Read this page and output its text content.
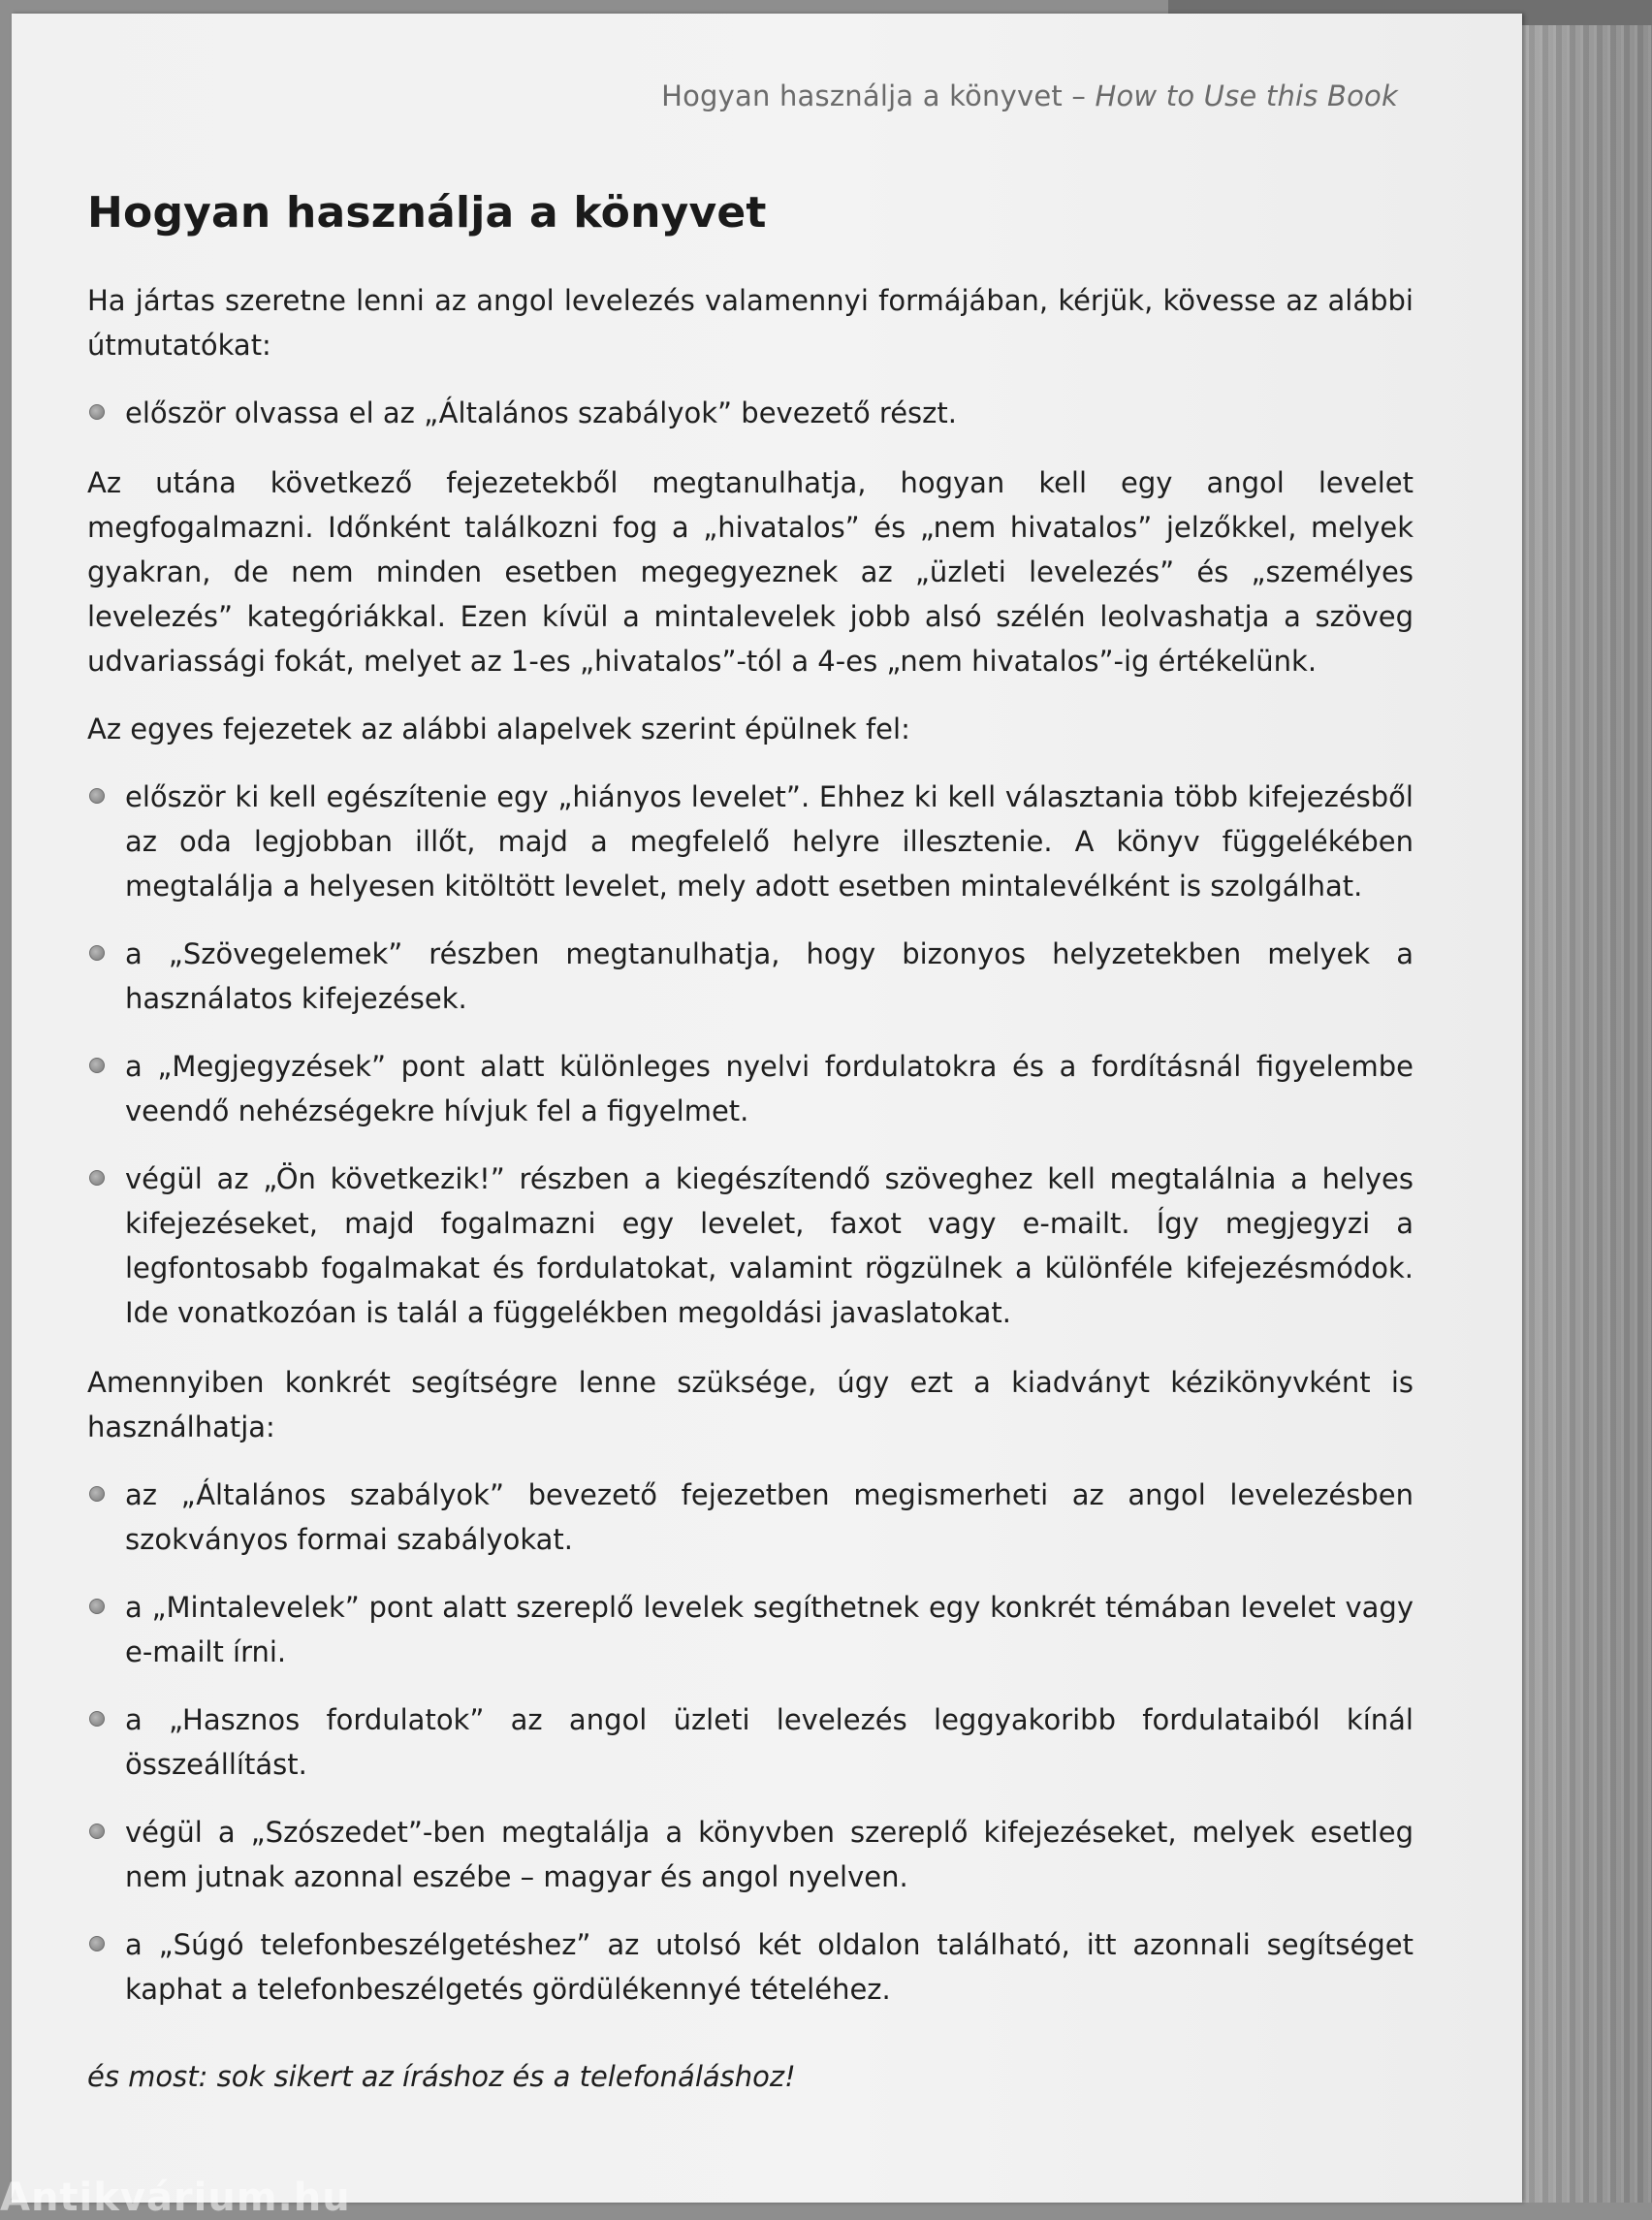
Hogyan használja a könyvet – How to Use this Book
Hogyan használja a könyvet

Ha jártas szeretne lenni az angol levelezés valamennyi formájában, kérjük, kövesse az alábbi útmutatókat:

először olvassa el az „Általános szabályok” bevezető részt.

Az utána következő fejezetekből megtanulhatja, hogyan kell egy angol levelet megfogalmazni. Időnként találkozni fog a „hivatalos” és „nem hivatalos” jelzőkkel, melyek gyakran, de nem minden esetben megegyeznek az „üzleti levelezés” és „személyes levelezés” kategóriákkal. Ezen kívül a mintalevelek jobb alsó szélén leolvashatja a szöveg udvariassági fokát, melyet az 1-es „hivatalos”-tól a 4-es „nem hivatalos”-ig értékelünk.

Az egyes fejezetek az alábbi alapelvek szerint épülnek fel:

először ki kell egészítenie egy „hiányos levelet”. Ehhez ki kell választania több kifejezésből az oda legjobban illőt, majd a megfelelő helyre illesztenie. A könyv függelékében megtalálja a helyesen kitöltött levelet, mely adott esetben mintalevélként is szolgálhat.
a „Szövegelemek” részben megtanulhatja, hogy bizonyos helyzetekben melyek a használatos kifejezések.
a „Megjegyzések” pont alatt különleges nyelvi fordulatokra és a fordításnál figyelembe veendő nehézségekre hívjuk fel a figyelmet.
végül az „Ön következik!” részben a kiegészítendő szöveghez kell megtalálnia a helyes kifejezéseket, majd fogalmazni egy levelet, faxot vagy e-mailt. Így megjegyzi a legfontosabb fogalmakat és fordulatokat, valamint rögzülnek a különféle kifejezésmódok. Ide vonatkozóan is talál a függelékben megoldási javaslatokat.

Amennyiben konkrét segítségre lenne szüksége, úgy ezt a kiadványt kézikönyvként is használhatja:

az „Általános szabályok” bevezető fejezetben megismerheti az angol levelezésben szokványos formai szabályokat.
a „Mintalevelek” pont alatt szereplő levelek segíthetnek egy konkrét témában levelet vagy e-mailt írni.
a „Hasznos fordulatok” az angol üzleti levelezés leggyakoribb fordulataiból kínál összeállítást.
végül a „Szószedet”-ben megtalálja a könyvben szereplő kifejezéseket, melyek esetleg nem jutnak azonnal eszébe – magyar és angol nyelven.
a „Súgó telefonbeszélgetéshez” az utolsó két oldalon található, itt azonnali segítséget kaphat a telefonbeszélgetés gördülékennyé tételéhez.

és most: sok sikert az íráshoz és a telefonáláshoz!

Antikvárium.hu
